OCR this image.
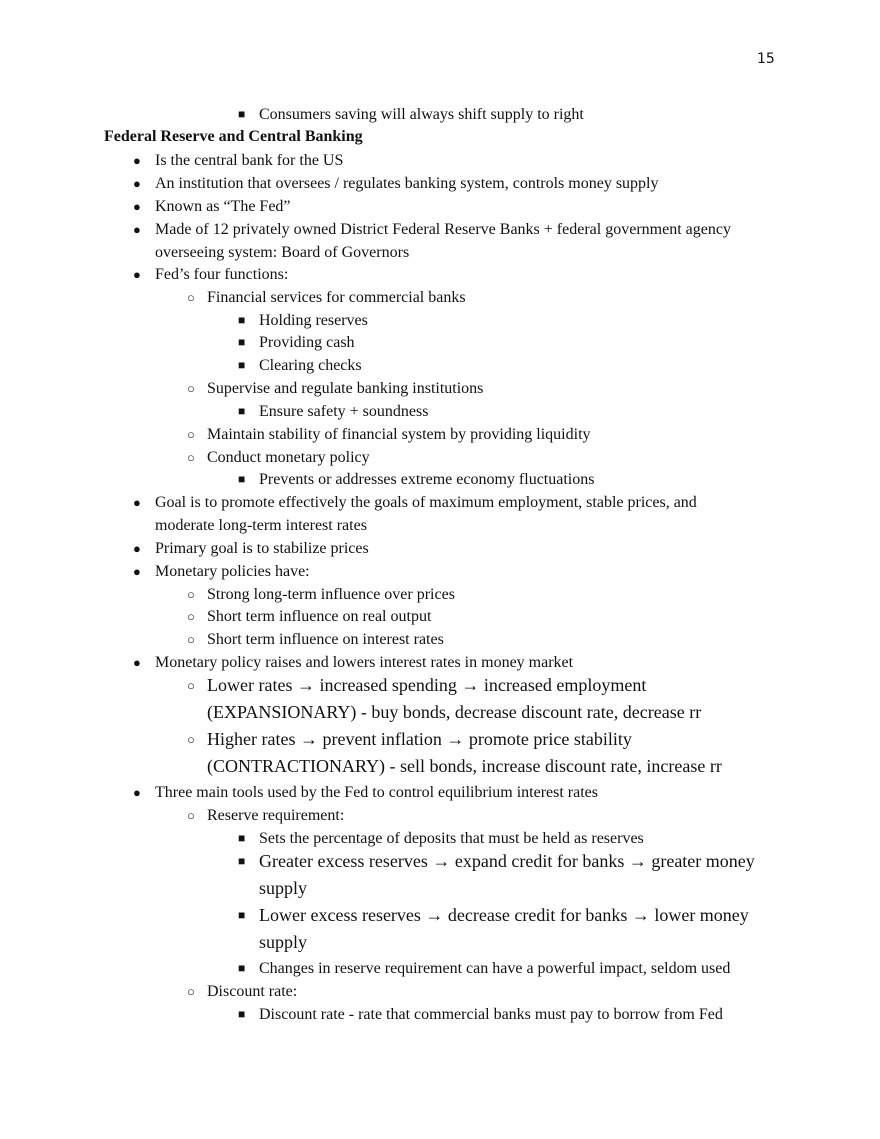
15
■ Consumers saving will always shift supply to right
Federal Reserve and Central Banking
● Is the central bank for the US
● An institution that oversees / regulates banking system, controls money supply
● Known as “The Fed”
● Made of 12 privately owned District Federal Reserve Banks + federal government agency
overseeing system: Board of Governors
● Fed’s four functions:
○ Financial services for commercial banks
■ Holding reserves
■ Providing cash
■ Clearing checks
○ Supervise and regulate banking institutions
■ Ensure safety + soundness
○ Maintain stability of financial system by providing liquidity
○ Conduct monetary policy
■ Prevents or addresses extreme economy fluctuations
● Goal is to promote effectively the goals of maximum employment, stable prices, and
moderate long-term interest rates
● Primary goal is to stabilize prices
● Monetary policies have:
○ Strong long-term influence over prices
○ Short term influence on real output
○ Short term influence on interest rates
● Monetary policy raises and lowers interest rates in money market
○ Lower rates → increased spending → increased employment
(EXPANSIONARY) - buy bonds, decrease discount rate, decrease rr
○ Higher rates → prevent inflation → promote price stability
(CONTRACTIONARY) - sell bonds, increase discount rate, increase rr
● Three main tools used by the Fed to control equilibrium interest rates
○ Reserve requirement:
■ Sets the percentage of deposits that must be held as reserves
■ Greater excess reserves → expand credit for banks → greater money
supply
■ Lower excess reserves → decrease credit for banks → lower money
supply
■ Changes in reserve requirement can have a powerful impact, seldom used
○ Discount rate:
■ Discount rate - rate that commercial banks must pay to borrow from Fed
